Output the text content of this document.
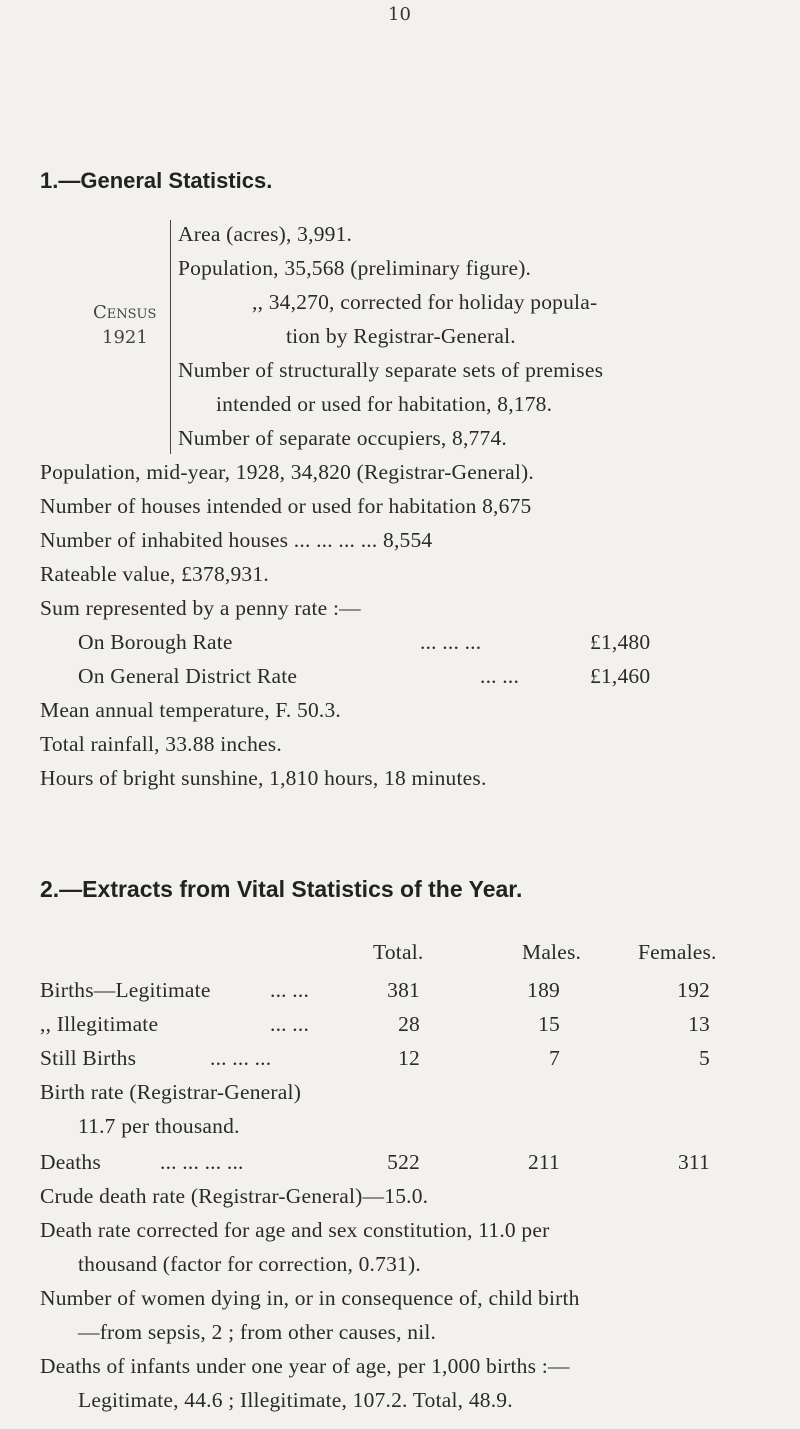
10
1.—General Statistics.
Census
1921
Area (acres), 3,991.
Population, 35,568 (preliminary figure).
,, 34,270, corrected for holiday popula-
tion by Registrar-General.
Number of structurally separate sets of premises
intended or used for habitation, 8,178.
Number of separate occupiers, 8,774.
Population, mid-year, 1928, 34,820 (Registrar-General).
Number of houses intended or used for habitation 8,675
Number of inhabited houses ... ... ... ... 8,554
Rateable value, £378,931.
Sum represented by a penny rate :—
On Borough Rate	... ... ...	£1,480
On General District Rate	... ...	£1,460
Mean annual temperature, F. 50.3.
Total rainfall, 33.88 inches.
Hours of bright sunshine, 1,810 hours, 18 minutes.
2.—Extracts from Vital Statistics of the Year.
Total.	Males.	Females.
Births—Legitimate	... ...	381	189	192
,, Illegitimate	... ...	28	15	13
Still Births	... ... ...	12	7	5
Birth rate (Registrar-General)
11.7 per thousand.
Deaths	... ... ... ...	522	211	311
Crude death rate (Registrar-General)—15.0.
Death rate corrected for age and sex constitution, 11.0 per
thousand (factor for correction, 0.731).
Number of women dying in, or in consequence of, child birth
—from sepsis, 2 ; from other causes, nil.
Deaths of infants under one year of age, per 1,000 births :—
Legitimate, 44.6 ; Illegitimate, 107.2. Total, 48.9.
